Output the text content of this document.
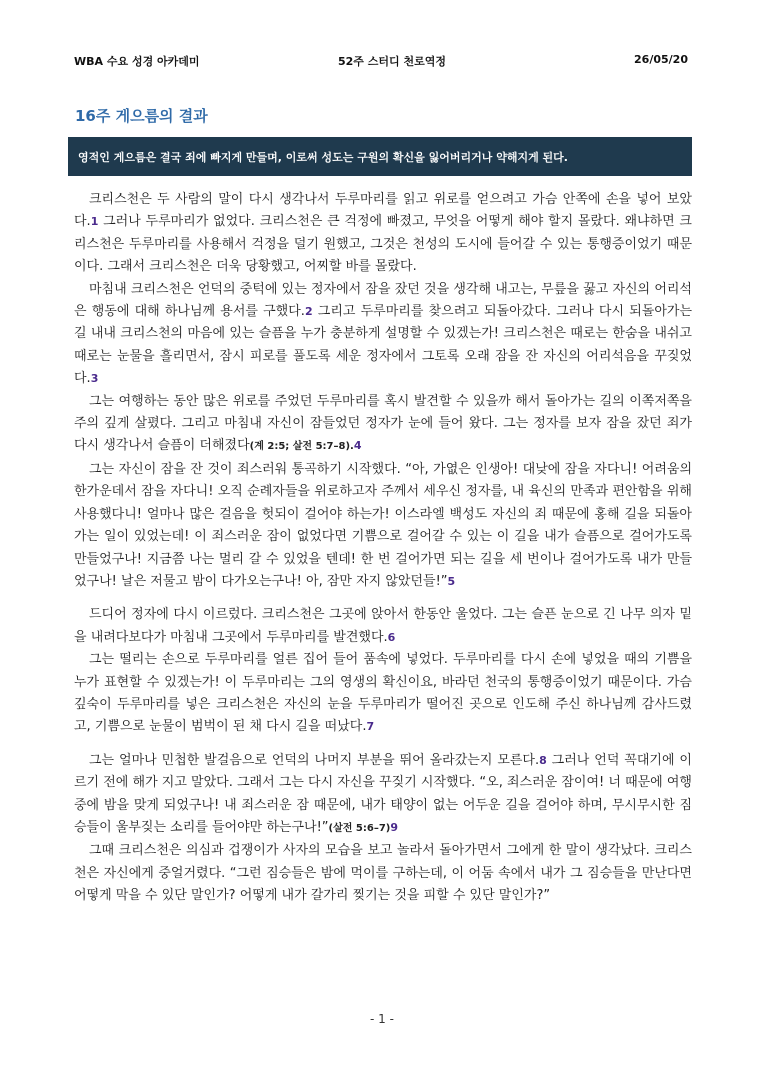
WBA 수요 성경 아카데미	52주 스터디 천로역정	26/05/20
16주 게으름의 결과
영적인 게으름은 결국 죄에 빠지게 만들며, 이로써 성도는 구원의 확신을 잃어버리거나 약해지게 된다.

크리스천은 두 사람의 말이 다시 생각나서 두루마리를 읽고 위로를 얻으려고 가슴 안쪽에 손을 넣어 보았다.1 그러나 두루마리가 없었다. 크리스천은 큰 걱정에 빠졌고, 무엇을 어떻게 해야 할지 몰랐다. 왜냐하면 크리스천은 두루마리를 사용해서 걱정을 덜기 원했고, 그것은 천성의 도시에 들어갈 수 있는 통행증이었기 때문이다. 그래서 크리스천은 더욱 당황했고, 어찌할 바를 몰랐다.

마침내 크리스천은 언덕의 중턱에 있는 정자에서 잠을 잤던 것을 생각해 내고는, 무릎을 꿇고 자신의 어리석은 행동에 대해 하나님께 용서를 구했다.2 그리고 두루마리를 찾으려고 되돌아갔다. 그러나 다시 되돌아가는 길 내내 크리스천의 마음에 있는 슬픔을 누가 충분하게 설명할 수 있겠는가! 크리스천은 때로는 한숨을 내쉬고 때로는 눈물을 흘리면서, 잠시 피로를 풀도록 세운 정자에서 그토록 오래 잠을 잔 자신의 어리석음을 꾸짖었다.3

그는 여행하는 동안 많은 위로를 주었던 두루마리를 혹시 발견할 수 있을까 해서 돌아가는 길의 이쪽저쪽을 주의 깊게 살폈다. 그리고 마침내 자신이 잠들었던 정자가 눈에 들어 왔다. 그는 정자를 보자 잠을 잤던 죄가 다시 생각나서 슬픔이 더해졌다(계 2:5; 살전 5:7–8).4

그는 자신이 잠을 잔 것이 죄스러워 통곡하기 시작했다. “아, 가엾은 인생아! 대낮에 잠을 자다니! 어려움의 한가운데서 잠을 자다니! 오직 순례자들을 위로하고자 주께서 세우신 정자를, 내 육신의 만족과 편안함을 위해 사용했다니! 얼마나 많은 걸음을 헛되이 걸어야 하는가! 이스라엘 백성도 자신의 죄 때문에 홍해 길을 되돌아가는 일이 있었는데! 이 죄스러운 잠이 없었다면 기쁨으로 걸어갈 수 있는 이 길을 내가 슬픔으로 걸어가도록 만들었구나! 지금쯤 나는 멀리 갈 수 있었을 텐데! 한 번 걸어가면 되는 길을 세 번이나 걸어가도록 내가 만들었구나! 날은 저물고 밤이 다가오는구나! 아, 잠만 자지 않았던들!”5

드디어 정자에 다시 이르렀다. 크리스천은 그곳에 앉아서 한동안 울었다. 그는 슬픈 눈으로 긴 나무 의자 밑을 내려다보다가 마침내 그곳에서 두루마리를 발견했다.6

그는 떨리는 손으로 두루마리를 얼른 집어 들어 품속에 넣었다. 두루마리를 다시 손에 넣었을 때의 기쁨을 누가 표현할 수 있겠는가! 이 두루마리는 그의 영생의 확신이요, 바라던 천국의 통행증이었기 때문이다. 가슴 깊숙이 두루마리를 넣은 크리스천은 자신의 눈을 두루마리가 떨어진 곳으로 인도해 주신 하나님께 감사드렸고, 기쁨으로 눈물이 범벅이 된 채 다시 길을 떠났다.7

그는 얼마나 민첩한 발걸음으로 언덕의 나머지 부분을 뛰어 올라갔는지 모른다.8 그러나 언덕 꼭대기에 이르기 전에 해가 지고 말았다. 그래서 그는 다시 자신을 꾸짖기 시작했다. “오, 죄스러운 잠이여! 너 때문에 여행 중에 밤을 맞게 되었구나! 내 죄스러운 잠 때문에, 내가 태양이 없는 어두운 길을 걸어야 하며, 무시무시한 짐승들이 울부짖는 소리를 들어야만 하는구나!”(살전 5:6–7)9

그때 크리스천은 의심과 겁쟁이가 사자의 모습을 보고 놀라서 돌아가면서 그에게 한 말이 생각났다. 크리스천은 자신에게 중얼거렸다. “그런 짐승들은 밤에 먹이를 구하는데, 이 어둠 속에서 내가 그 짐승들을 만난다면 어떻게 막을 수 있단 말인가? 어떻게 내가 갈가리 찢기는 것을 피할 수 있단 말인가?”

- 1 -
